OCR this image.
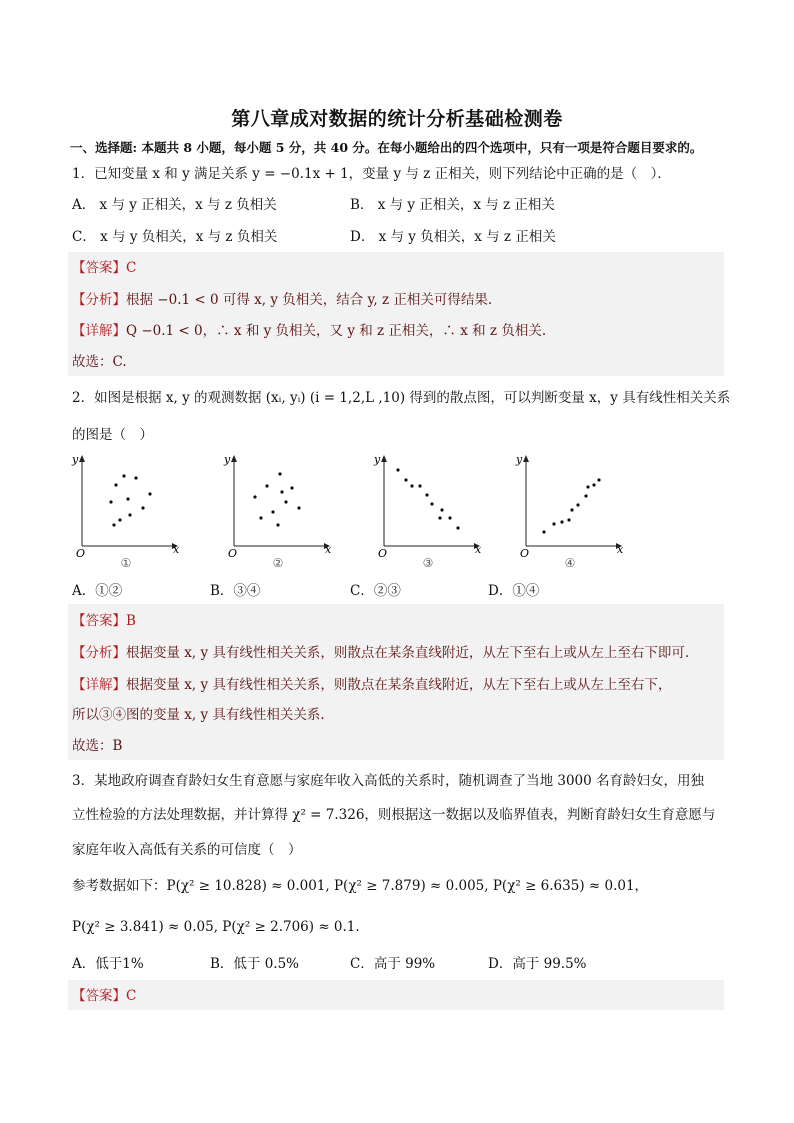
第八章成对数据的统计分析基础检测卷
一、选择题: 本题共 8 小题，每小题 5 分，共 40 分。在每小题给出的四个选项中，只有一项是符合题目要求的。
1．已知变量 x 和 y 满足关系 y = −0.1x + 1，变量 y 与 z 正相关，则下列结论中正确的是（　）．
A． x 与 y 正相关，x 与 z 负相关	B． x 与 y 正相关，x 与 z 正相关
C． x 与 y 负相关，x 与 z 负相关	D． x 与 y 负相关，x 与 z 正相关
【答案】C
【分析】根据 −0.1 < 0 可得 x, y 负相关，结合 y, z 正相关可得结果.
【详解】Q −0.1 < 0，∴ x 和 y 负相关，又 y 和 z 正相关，∴ x 和 z 负相关.
故选：C.
2．如图是根据 x, y 的观测数据 (xᵢ, yᵢ) (i = 1,2,L ,10) 得到的散点图，可以判断变量 x，y 具有线性相关关系
的图是（　）
y
x
O
①
y
x
O
②
y
x
O
③
y
x
O
④
A．①②	B．③④	C．②③	D．①④
【答案】B
【分析】根据变量 x, y 具有线性相关关系，则散点在某条直线附近，从左下至右上或从左上至右下即可.
【详解】根据变量 x, y 具有线性相关关系，则散点在某条直线附近，从左下至右上或从左上至右下，
所以③④图的变量 x, y 具有线性相关关系.
故选：B
3．某地政府调查育龄妇女生育意愿与家庭年收入高低的关系时，随机调查了当地 3000 名育龄妇女，用独
立性检验的方法处理数据，并计算得 χ² = 7.326，则根据这一数据以及临界值表，判断育龄妇女生育意愿与
家庭年收入高低有关系的可信度（　）
参考数据如下：P(χ² ≥ 10.828) ≈ 0.001, P(χ² ≥ 7.879) ≈ 0.005, P(χ² ≥ 6.635) ≈ 0.01，
P(χ² ≥ 3.841) ≈ 0.05, P(χ² ≥ 2.706) ≈ 0.1.
A．低于1%	B．低于 0.5%	C．高于 99%	D．高于 99.5%
【答案】C
